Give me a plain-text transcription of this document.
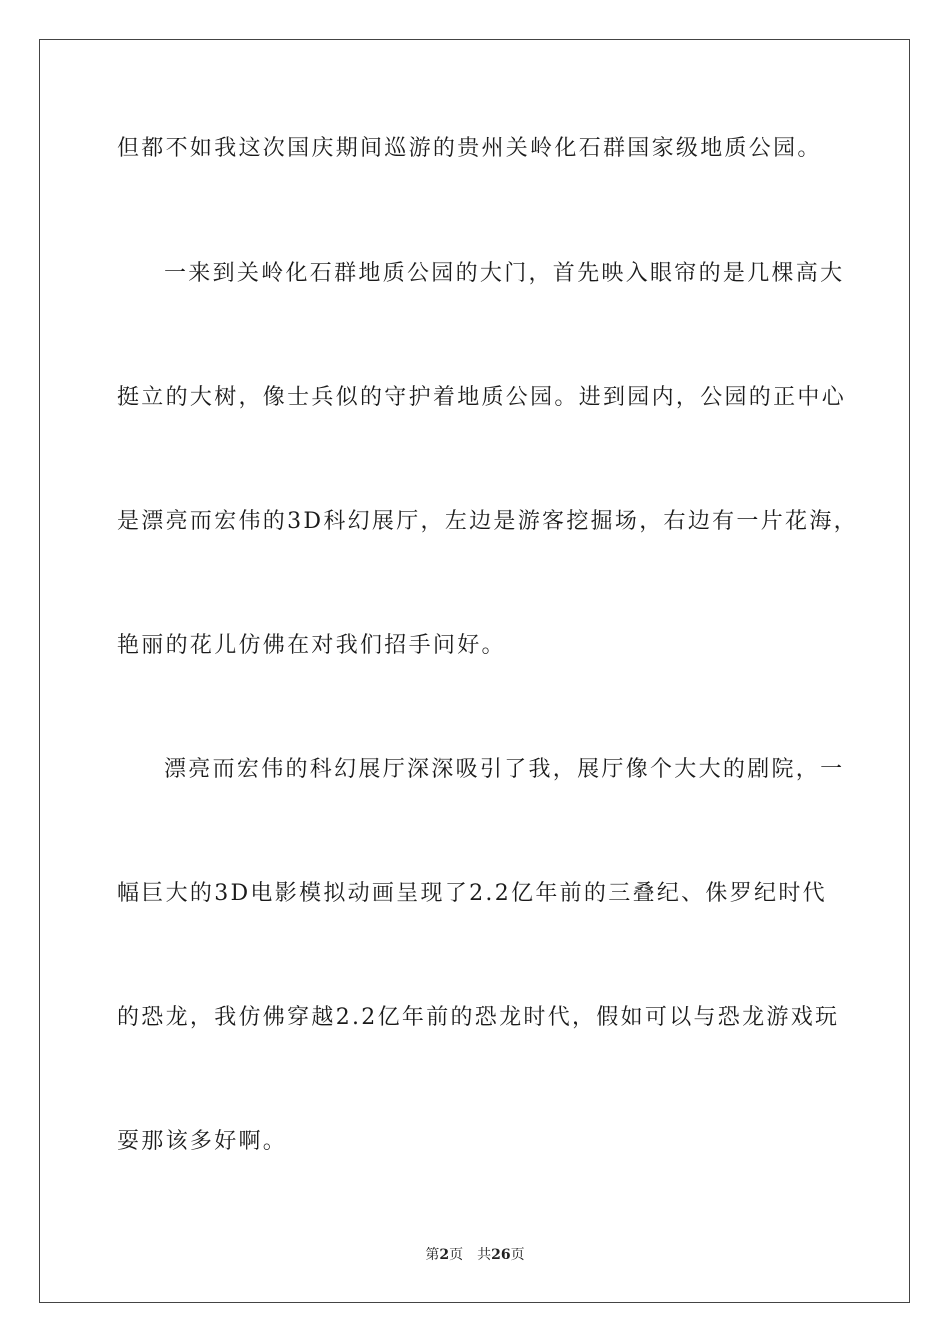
但都不如我这次国庆期间巡游的贵州关岭化石群国家级地质公园。
一来到关岭化石群地质公园的大门，首先映入眼帘的是几棵高大
挺立的大树，像士兵似的守护着地质公园。进到园内，公园的正中心
是漂亮而宏伟的3D科幻展厅，左边是游客挖掘场，右边有一片花海，
艳丽的花儿仿佛在对我们招手问好。
漂亮而宏伟的科幻展厅深深吸引了我，展厅像个大大的剧院，一
幅巨大的3D电影模拟动画呈现了2.2亿年前的三叠纪、侏罗纪时代
的恐龙，我仿佛穿越2.2亿年前的恐龙时代，假如可以与恐龙游戏玩
耍那该多好啊。
第2页 共26页
